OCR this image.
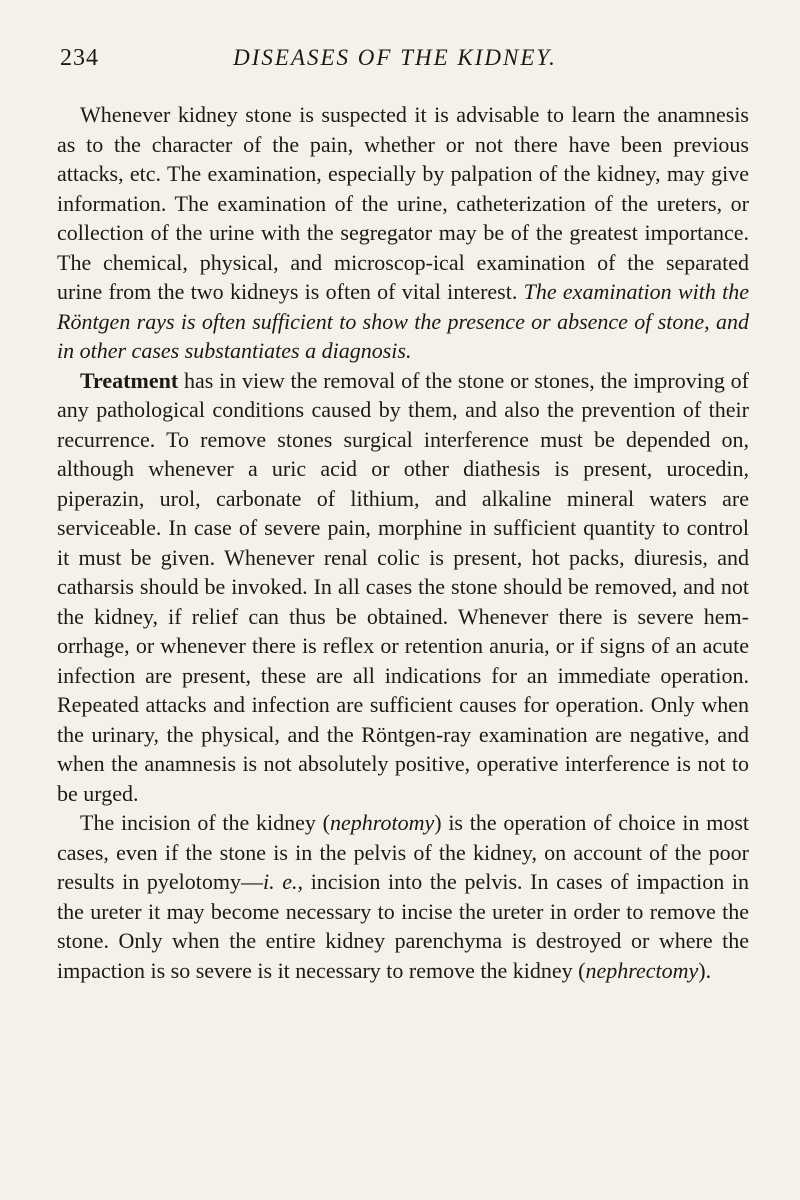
234	DISEASES OF THE KIDNEY.

Whenever kidney stone is suspected it is advisable to learn the anamnesis as to the character of the pain, whether or not there have been previous attacks, etc. The examination, especially by palpation of the kidney, may give information. The examination of the urine, catheterization of the ureters, or collection of the urine with the segregator may be of the greatest importance. The chemical, physical, and microscop-ical examination of the separated urine from the two kidneys is often of vital interest. The examination with the Röntgen rays is often sufficient to show the presence or absence of stone, and in other cases substantiates a diagnosis.

Treatment has in view the removal of the stone or stones, the improving of any pathological conditions caused by them, and also the prevention of their recurrence. To remove stones surgical interference must be depended on, although whenever a uric acid or other diathesis is present, urocedin, piperazin, urol, carbonate of lithium, and alkaline mineral waters are serviceable. In case of severe pain, morphine in sufficient quantity to control it must be given. Whenever renal colic is present, hot packs, diuresis, and catharsis should be invoked. In all cases the stone should be removed, and not the kidney, if relief can thus be obtained. Whenever there is severe hem-orrhage, or whenever there is reflex or retention anuria, or if signs of an acute infection are present, these are all indications for an immediate operation. Repeated attacks and infection are sufficient causes for operation. Only when the urinary, the physical, and the Röntgen-ray examination are negative, and when the anamnesis is not absolutely positive, operative interference is not to be urged.

The incision of the kidney (nephrotomy) is the operation of choice in most cases, even if the stone is in the pelvis of the kidney, on account of the poor results in pyelotomy—i. e., incision into the pelvis. In cases of impaction in the ureter it may become necessary to incise the ureter in order to remove the stone. Only when the entire kidney parenchyma is destroyed or where the impaction is so severe is it necessary to remove the kidney (nephrectomy).
